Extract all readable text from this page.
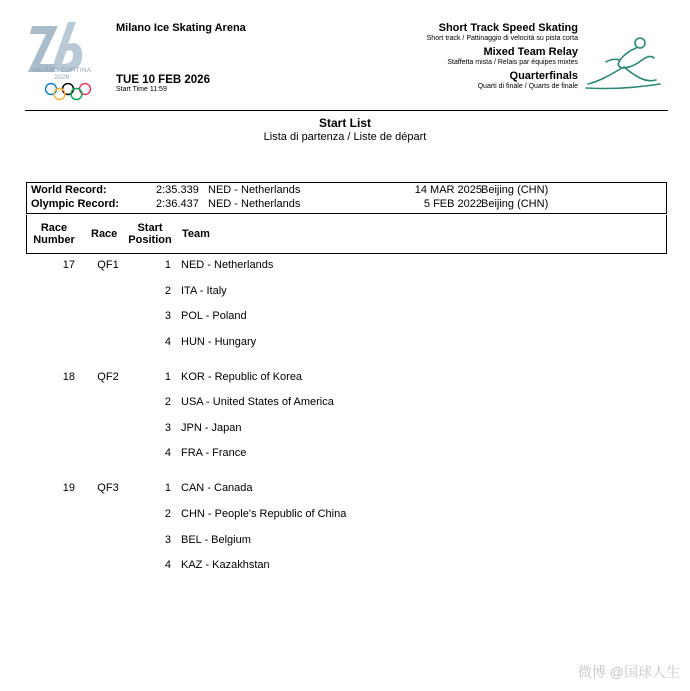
MILANO CORTINA
2026
Milano Ice Skating Arena
TUE 10 FEB 2026
Start Time 11:59
Short Track Speed Skating
Short track / Pattinaggio di velocità su pista corta
Mixed Team Relay
Staffetta mista / Relais par équipes mixtes
Quarterfinals
Quarti di finale / Quarts de finale
Start List
Lista di partenza / Liste de départ
World Record:	2:35.339 NED - Netherlands	14 MAR 2025 Beijing (CHN)
Olympic Record:	2:36.437 NED - Netherlands	5 FEB 2022 Beijing (CHN)
Race
Number Race	Start
Position Team
17	QF1	1 NED - Netherlands
2 ITA - Italy
3 POL - Poland
4 HUN - Hungary
18	QF2	1 KOR - Republic of Korea
2 USA - United States of America
3 JPN - Japan
4 FRA - France
19	QF3	1 CAN - Canada
2 CHN - People's Republic of China
3 BEL - Belgium
4 KAZ - Kazakhstan
微博 @国球人生
